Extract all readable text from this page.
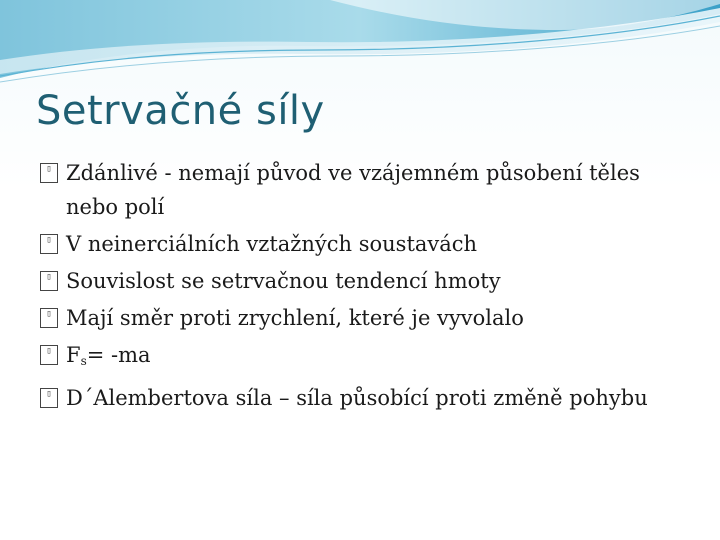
Setrvačné síly
▯ Zdánlivé - nemají původ ve vzájemném působení těles nebo polí
▯ V neinerciálních vztažných soustavách
▯ Souvislost se setrvačnou tendencí hmoty
▯ Mají směr proti zrychlení, které je vyvolalo
▯ $F_s= -ma$
▯ D´Alembertova síla – síla působící proti změně pohybu
